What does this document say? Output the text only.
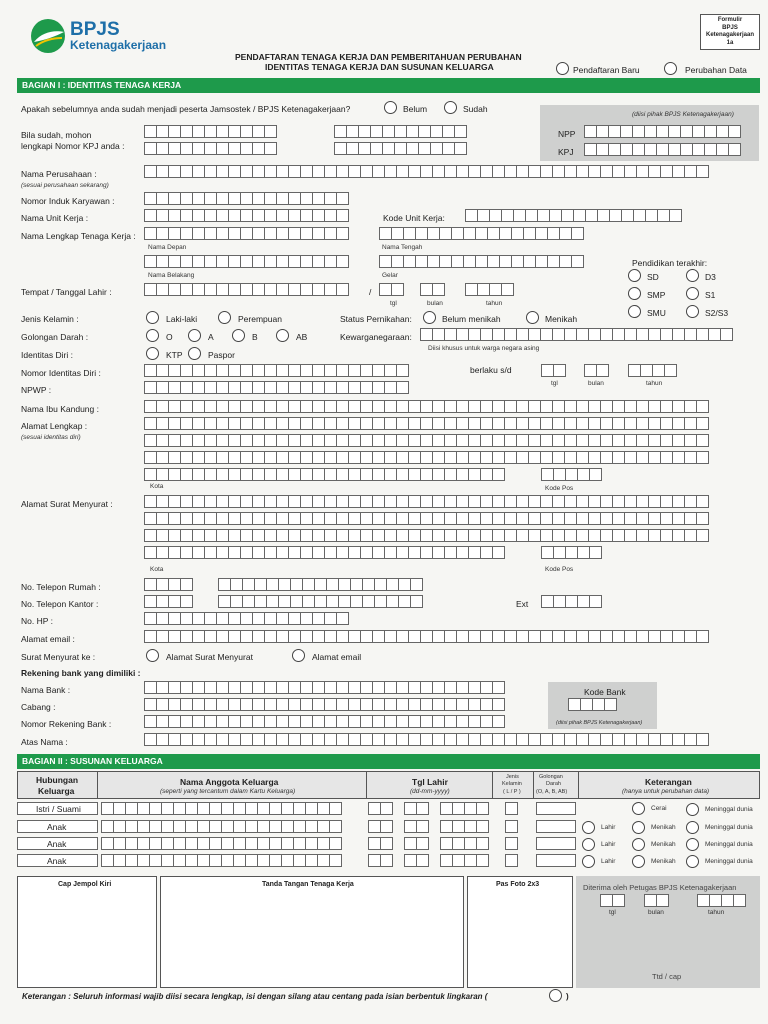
BPJS
Ketenagakerjaan
PENDAFTARAN TENAGA KERJA DAN PEMBERITAHUAN PERUBAHAN
IDENTITAS TENAGA KERJA DAN SUSUNAN KELUARGA
Formulir
BPJS
Ketenagakerjaan
1a
Pendaftaran Baru	Perubahan Data
BAGIAN I : IDENTITAS TENAGA KERJA
Apakah sebelumnya anda sudah menjadi peserta Jamsostek / BPJS Ketenagakerjaan?	Belum	Sudah
Bila sudah, mohon
lengkapi Nomor KPJ anda :
(diisi pihak BPJS Ketenagakerjaan)
NPP
KPJ
Nama Perusahaan :
(sesuai perusahaan sekarang)
Nomor Induk Karyawan :
Nama Unit Kerja :	Kode Unit Kerja:
Nama Lengkap Tenaga Kerja :
Nama Depan	Nama Tengah
Nama Belakang	Gelar
Pendidikan terakhir:
SD	D3
SMP	S1
SMU	S2/S3
Tempat / Tanggal Lahir :	/
tgl	bulan	tahun
Jenis Kelamin :	Laki-laki	Perempuan	Status Pernikahan:	Belum menikah	Menikah
Golongan Darah :	O	A	B	AB	Kewarganegaraan:
Diisi khusus untuk warga negara asing
Identitas Diri :	KTP	Paspor
Nomor Identitas Diri :	berlaku s/d
tgl	bulan	tahun
NPWP :
Nama Ibu Kandung :
Alamat Lengkap :
(sesuai identitas diri)
Kota	Kode Pos
Alamat Surat Menyurat :
Kota	Kode Pos
No. Telepon Rumah :
No. Telepon Kantor :	Ext
No. HP :
Alamat email :
Surat Menyurat ke :	Alamat Surat Menyurat	Alamat email
Rekening bank yang dimiliki :
Nama Bank :
Cabang :
Nomor Rekening Bank :
Atas Nama :
Kode Bank
(diisi pihak BPJS Ketenagakerjaan)
BAGIAN II : SUSUNAN KELUARGA
Hubungan
Keluarga
Nama Anggota Keluarga
(seperti yang tercantum dalam Kartu Keluarga)
Tgl Lahir
(dd-mm-yyyy)
Jenis
Kelamin
( L / P )
Golongan
Darah
(O, A, B, AB)
Keterangan
(hanya untuk perubahan data)
Istri / Suami	Cerai	Meninggal dunia
Anak	Lahir	Menikah	Meninggal dunia
Anak	Lahir	Menikah	Meninggal dunia
Anak	Lahir	Menikah	Meninggal dunia
Cap Jempol Kiri	Tanda Tangan Tenaga Kerja	Pas Foto 2x3	Diterima oleh Petugas BPJS Ketenagakerjaan
tgl	bulan	tahun
Ttd / cap
Keterangan : Seluruh informasi wajib diisi secara lengkap, isi dengan silang atau centang pada isian berbentuk lingkaran (	)
